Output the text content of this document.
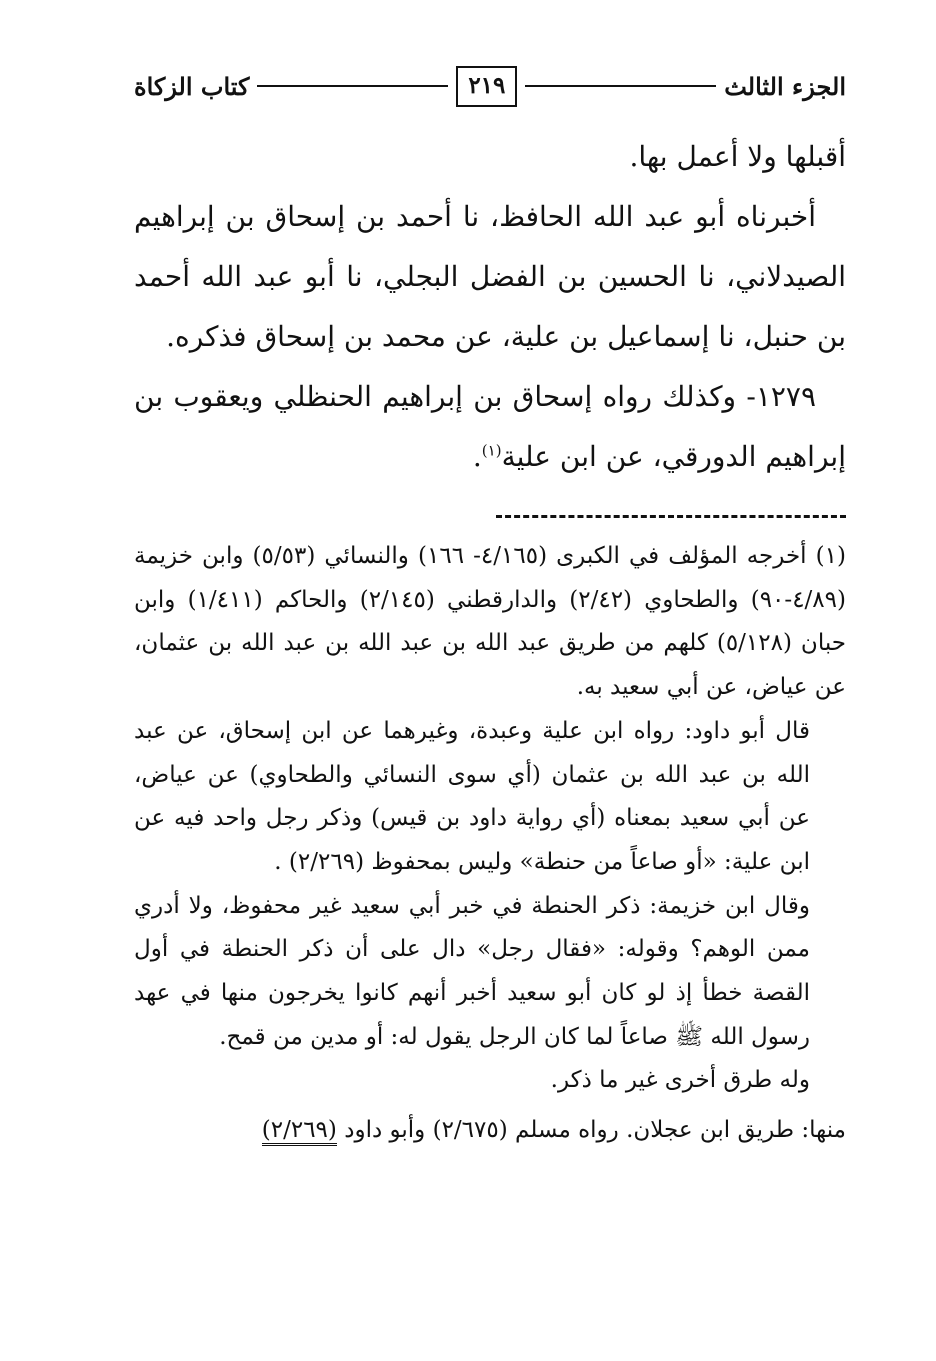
الجزء الثالث
٢١٩
كتاب الزكاة

أقبلها ولا أعمل بها.

أخبرناه أبو عبد الله الحافظ، نا أحمد بن إسحاق بن إبراهيم الصيدلاني، نا الحسين بن الفضل البجلي، نا أبو عبد الله أحمد بن حنبل، نا إسماعيل بن علية، عن محمد بن إسحاق فذكره.

١٢٧٩- وكذلك رواه إسحاق بن إبراهيم الحنظلي ويعقوب بن إبراهيم الدورقي، عن ابن علية$^{(١)}$.

(١) أخرجه المؤلف في الكبرى (٤/١٦٥- ١٦٦) والنسائي (٥/٥٣) وابن خزيمة (٤/٨٩-٩٠) والطحاوي (٢/٤٢) والدارقطني (٢/١٤٥) والحاكم (١/٤١١) وابن حبان (٥/١٢٨) كلهم من طريق عبد الله بن عبد الله بن عبد الله بن عثمان، عن عياض، عن أبي سعيد به.

قال أبو داود: رواه ابن علية وعبدة، وغيرهما عن ابن إسحاق، عن عبد الله بن عبد الله بن عثمان (أي سوى النسائي والطحاوي) عن عياض، عن أبي سعيد بمعناه (أي رواية داود بن قيس) وذكر رجل واحد فيه عن ابن علية: «أو صاعاً من حنطة» وليس بمحفوظ (٢/٢٦٩) .

وقال ابن خزيمة: ذكر الحنطة في خبر أبي سعيد غير محفوظ، ولا أدري ممن الوهم؟ وقوله: «فقال رجل» دال على أن ذكر الحنطة في أول القصة خطأ إذ لو كان أبو سعيد أخبر أنهم كانوا يخرجون منها في عهد رسول الله ﷺ صاعاً لما كان الرجل يقول له: أو مدين من قمح.

وله طرق أخرى غير ما ذكر.

منها: طريق ابن عجلان. رواه مسلم (٢/٦٧٥) وأبو داود (٢/٢٦٩)
